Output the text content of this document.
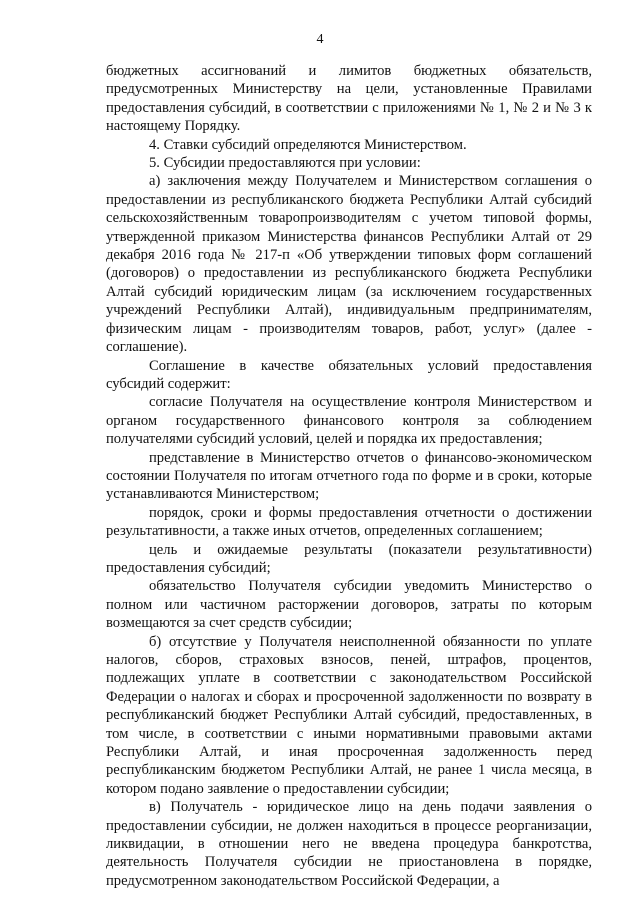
4

бюджетных ассигнований и лимитов бюджетных обязательств, предусмотренных Министерству на цели, установленные Правилами предоставления субсидий, в соответствии с приложениями № 1, № 2 и № 3 к настоящему Порядку.

4. Ставки субсидий определяются Министерством.

5. Субсидии предоставляются при условии:

а) заключения между Получателем и Министерством соглашения о предоставлении из республиканского бюджета Республики Алтай субсидий сельскохозяйственным товаропроизводителям с учетом типовой формы, утвержденной приказом Министерства финансов Республики Алтай от 29 декабря 2016 года № 217-п «Об утверждении типовых форм соглашений (договоров) о предоставлении из республиканского бюджета Республики Алтай субсидий юридическим лицам (за исключением государственных учреждений Республики Алтай), индивидуальным предпринимателям, физическим лицам - производителям товаров, работ, услуг» (далее - соглашение).

Соглашение в качестве обязательных условий предоставления субсидий содержит:

согласие Получателя на осуществление контроля Министерством и органом государственного финансового контроля за соблюдением получателями субсидий условий, целей и порядка их предоставления;

представление в Министерство отчетов о финансово-экономическом состоянии Получателя по итогам отчетного года по форме и в сроки, которые устанавливаются Министерством;

порядок, сроки и формы предоставления отчетности о достижении результативности, а также иных отчетов, определенных соглашением;

цель и ожидаемые результаты (показатели результативности) предоставления субсидий;

обязательство Получателя субсидии уведомить Министерство о полном или частичном расторжении договоров, затраты по которым возмещаются за счет средств субсидии;

б) отсутствие у Получателя неисполненной обязанности по уплате налогов, сборов, страховых взносов, пеней, штрафов, процентов, подлежащих уплате в соответствии с законодательством Российской Федерации о налогах и сборах и просроченной задолженности по возврату в республиканский бюджет Республики Алтай субсидий, предоставленных, в том числе, в соответствии с иными нормативными правовыми актами Республики Алтай, и иная просроченная задолженность перед республиканским бюджетом Республики Алтай, не ранее 1 числа месяца, в котором подано заявление о предоставлении субсидии;

в) Получатель - юридическое лицо на день подачи заявления о предоставлении субсидии, не должен находиться в процессе реорганизации, ликвидации, в отношении него не введена процедура банкротства, деятельность Получателя субсидии не приостановлена в порядке, предусмотренном законодательством Российской Федерации, а
